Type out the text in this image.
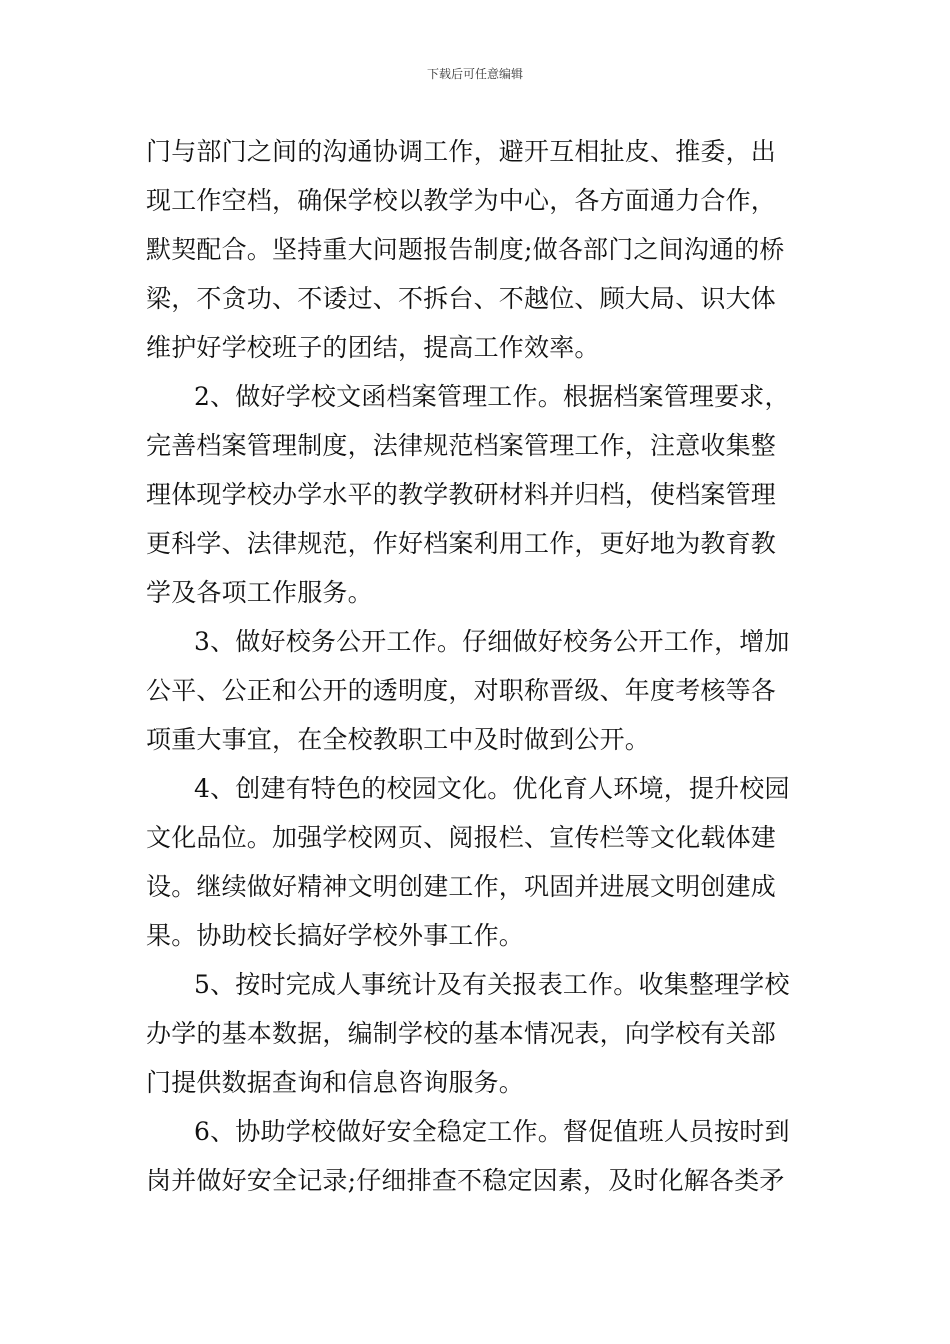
下载后可任意编辑
门与部门之间的沟通协调工作，避开互相扯皮、推委，出
现工作空档，确保学校以教学为中心，各方面通力合作，
默契配合。坚持重大问题报告制度;做各部门之间沟通的桥
梁，不贪功、不诿过、不拆台、不越位、顾大局、识大体
维护好学校班子的团结，提高工作效率。
2、做好学校文函档案管理工作。根据档案管理要求，
完善档案管理制度，法律规范档案管理工作，注意收集整
理体现学校办学水平的教学教研材料并归档，使档案管理
更科学、法律规范，作好档案利用工作，更好地为教育教
学及各项工作服务。
3、做好校务公开工作。仔细做好校务公开工作，增加
公平、公正和公开的透明度，对职称晋级、年度考核等各
项重大事宜，在全校教职工中及时做到公开。
4、创建有特色的校园文化。优化育人环境，提升校园
文化品位。加强学校网页、阅报栏、宣传栏等文化载体建
设。继续做好精神文明创建工作，巩固并进展文明创建成
果。协助校长搞好学校外事工作。
5、按时完成人事统计及有关报表工作。收集整理学校
办学的基本数据，编制学校的基本情况表，向学校有关部
门提供数据查询和信息咨询服务。
6、协助学校做好安全稳定工作。督促值班人员按时到
岗并做好安全记录;仔细排查不稳定因素，及时化解各类矛
